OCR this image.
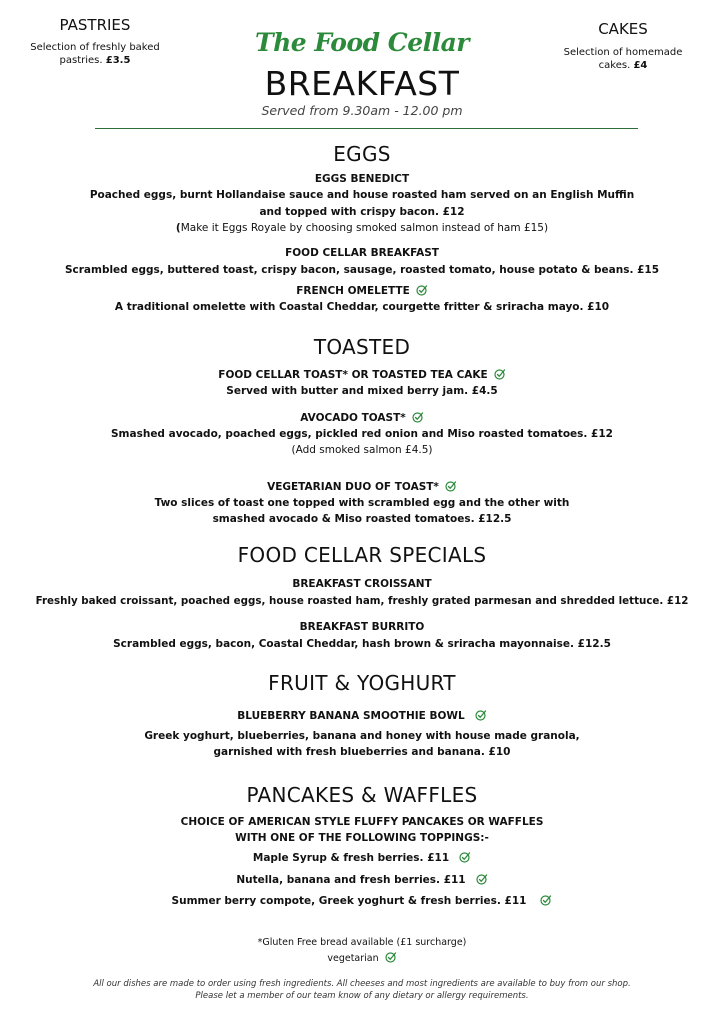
PASTRIES
Selection of freshly baked
pastries. £3.5
CAKES
Selection of homemade
cakes. £4
The Food Cellar
BREAKFAST
Served from 9.30am - 12.00 pm
EGGS
EGGS BENEDICT
Poached eggs, burnt Hollandaise sauce and house roasted ham served on an English Muffin
and topped with crispy bacon. £12
(Make it Eggs Royale by choosing smoked salmon instead of ham £15)
FOOD CELLAR BREAKFAST
Scrambled eggs, buttered toast, crispy bacon, sausage, roasted tomato, house potato & beans. £15
FRENCH OMELETTE
A traditional omelette with Coastal Cheddar, courgette fritter & sriracha mayo. £10
TOASTED
FOOD CELLAR TOAST* OR TOASTED TEA CAKE
Served with butter and mixed berry jam. £4.5
AVOCADO TOAST*
Smashed avocado, poached eggs, pickled red onion and Miso roasted tomatoes. £12
(Add smoked salmon £4.5)
VEGETARIAN DUO OF TOAST*
Two slices of toast one topped with scrambled egg and the other with
smashed avocado & Miso roasted tomatoes. £12.5
FOOD CELLAR SPECIALS
BREAKFAST CROISSANT
Freshly baked croissant, poached eggs, house roasted ham, freshly grated parmesan and shredded lettuce. £12
BREAKFAST BURRITO
Scrambled eggs, bacon, Coastal Cheddar, hash brown & sriracha mayonnaise. £12.5
FRUIT & YOGHURT
BLUEBERRY BANANA SMOOTHIE BOWL
Greek yoghurt, blueberries, banana and honey with house made granola,
garnished with fresh blueberries and banana. £10
PANCAKES & WAFFLES
CHOICE OF AMERICAN STYLE FLUFFY PANCAKES OR WAFFLES
WITH ONE OF THE FOLLOWING TOPPINGS:-
Maple Syrup & fresh berries. £11
Nutella, banana and fresh berries. £11
Summer berry compote, Greek yoghurt & fresh berries. £11
*Gluten Free bread available (£1 surcharge)
vegetarian
All our dishes are made to order using fresh ingredients. All cheeses and most ingredients are available to buy from our shop.
Please let a member of our team know of any dietary or allergy requirements.
